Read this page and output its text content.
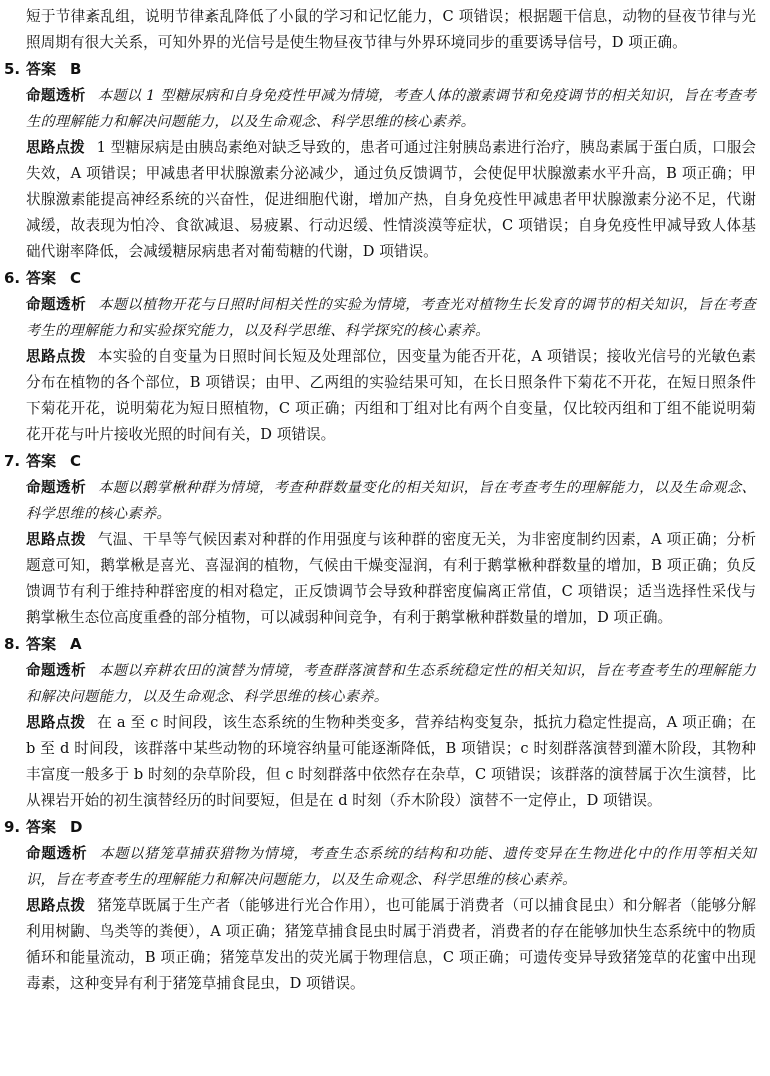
短于节律紊乱组，说明节律紊乱降低了小鼠的学习和记忆能力，C 项错误；根据题干信息，动物的昼夜节律与光照周期有很大关系，可知外界的光信号是使生物昼夜节律与外界环境同步的重要诱导信号，D 项正确。

5. 答案 B

命题透析 本题以 1 型糖尿病和自身免疫性甲减为情境，考查人体的激素调节和免疫调节的相关知识，旨在考查考生的理解能力和解决问题能力，以及生命观念、科学思维的核心素养。

思路点拨 1 型糖尿病是由胰岛素绝对缺乏导致的，患者可通过注射胰岛素进行治疗，胰岛素属于蛋白质，口服会失效，A 项错误；甲减患者甲状腺激素分泌减少，通过负反馈调节，会使促甲状腺激素水平升高，B 项正确；甲状腺激素能提高神经系统的兴奋性，促进细胞代谢，增加产热，自身免疫性甲减患者甲状腺激素分泌不足，代谢减缓，故表现为怕冷、食欲减退、易疲累、行动迟缓、性情淡漠等症状，C 项错误；自身免疫性甲减导致人体基础代谢率降低，会减缓糖尿病患者对葡萄糖的代谢，D 项错误。

6. 答案 C

命题透析 本题以植物开花与日照时间相关性的实验为情境，考查光对植物生长发育的调节的相关知识，旨在考查考生的理解能力和实验探究能力，以及科学思维、科学探究的核心素养。

思路点拨 本实验的自变量为日照时间长短及处理部位，因变量为能否开花，A 项错误；接收光信号的光敏色素分布在植物的各个部位，B 项错误；由甲、乙两组的实验结果可知，在长日照条件下菊花不开花，在短日照条件下菊花开花，说明菊花为短日照植物，C 项正确；丙组和丁组对比有两个自变量，仅比较丙组和丁组不能说明菊花开花与叶片接收光照的时间有关，D 项错误。

7. 答案 C

命题透析 本题以鹅掌楸种群为情境，考查种群数量变化的相关知识，旨在考查考生的理解能力，以及生命观念、科学思维的核心素养。

思路点拨 气温、干旱等气候因素对种群的作用强度与该种群的密度无关，为非密度制约因素，A 项正确；分析题意可知，鹅掌楸是喜光、喜湿润的植物，气候由干燥变湿润，有利于鹅掌楸种群数量的增加，B 项正确；负反馈调节有利于维持种群密度的相对稳定，正反馈调节会导致种群密度偏离正常值，C 项错误；适当选择性采伐与鹅掌楸生态位高度重叠的部分植物，可以减弱种间竞争，有利于鹅掌楸种群数量的增加，D 项正确。

8. 答案 A

命题透析 本题以弃耕农田的演替为情境，考查群落演替和生态系统稳定性的相关知识，旨在考查考生的理解能力和解决问题能力，以及生命观念、科学思维的核心素养。

思路点拨 在 a 至 c 时间段，该生态系统的生物种类变多，营养结构变复杂，抵抗力稳定性提高，A 项正确；在 b 至 d 时间段，该群落中某些动物的环境容纳量可能逐渐降低，B 项错误；c 时刻群落演替到灌木阶段，其物种丰富度一般多于 b 时刻的杂草阶段，但 c 时刻群落中依然存在杂草，C 项错误；该群落的演替属于次生演替，比从裸岩开始的初生演替经历的时间要短，但是在 d 时刻（乔木阶段）演替不一定停止，D 项错误。

9. 答案 D

命题透析 本题以猪笼草捕获猎物为情境，考查生态系统的结构和功能、遗传变异在生物进化中的作用等相关知识，旨在考查考生的理解能力和解决问题能力，以及生命观念、科学思维的核心素养。

思路点拨 猪笼草既属于生产者（能够进行光合作用），也可能属于消费者（可以捕食昆虫）和分解者（能够分解利用树鼩、鸟类等的粪便），A 项正确；猪笼草捕食昆虫时属于消费者，消费者的存在能够加快生态系统中的物质循环和能量流动，B 项正确；猪笼草发出的荧光属于物理信息，C 项正确；可遗传变异导致猪笼草的花蜜中出现毒素，这种变异有利于猪笼草捕食昆虫，D 项错误。
